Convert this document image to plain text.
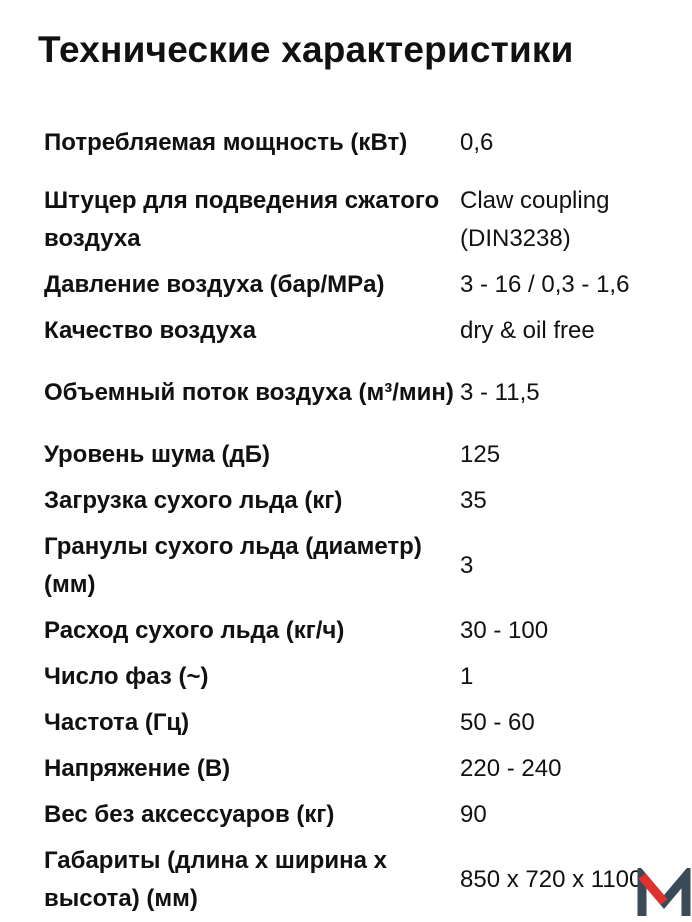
Технические характеристики
Потребляемая мощность (кВт)	0,6
Штуцер для подведения сжатого воздуха	Claw coupling (DIN3238)
Давление воздуха (бар/MPa)	3 - 16 / 0,3 - 1,6
Качество воздуха	dry & oil free
Объемный поток воздуха (м³/мин)	3 - 11,5
Уровень шума (дБ)	125
Загрузка сухого льда (кг)	35
Гранулы сухого льда (диаметр) (мм)	3
Расход сухого льда (кг/ч)	30 - 100
Число фаз (~)	1
Частота (Гц)	50 - 60
Напряжение (В)	220 - 240
Вес без аксессуаров (кг)	90
Габариты (длина x ширина x высота) (мм)	850 x 720 x 1100
